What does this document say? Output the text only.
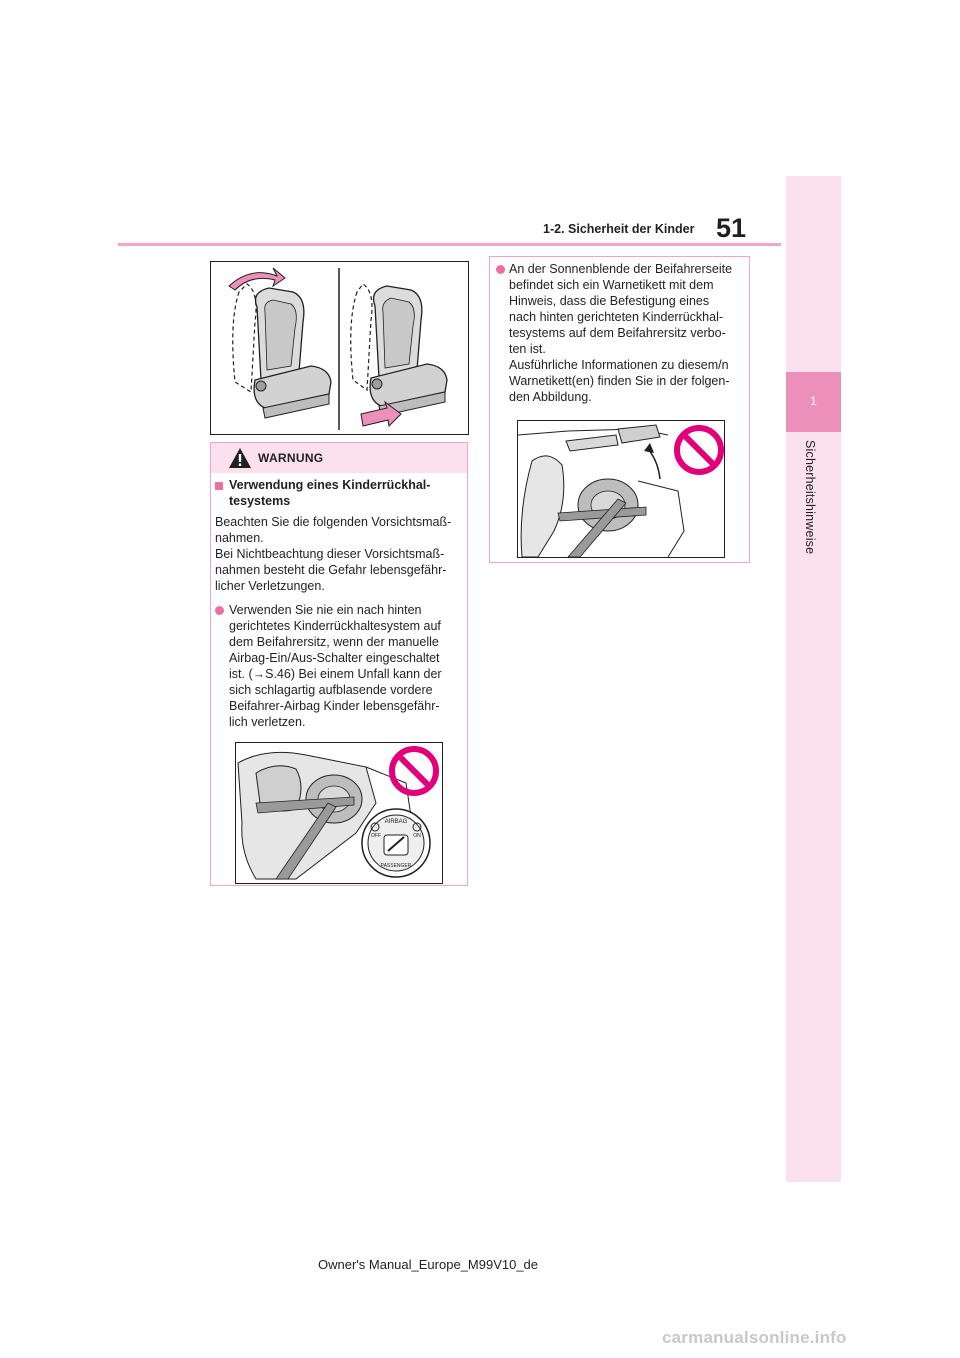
51
1-2. Sicherheit der Kinder
1
Sicherheitshinweise
WARNUNG
Verwendung eines Kinderrückhal-
tesystems
Beachten Sie die folgenden Vorsichtsmaß-
nahmen.
Bei Nichtbeachtung dieser Vorsichtsmaß-
nahmen besteht die Gefahr lebensgefähr-
licher Verletzungen.
Verwenden Sie nie ein nach hinten
gerichtetes Kinderrückhaltesystem auf
dem Beifahrersitz, wenn der manuelle
Airbag-Ein/Aus-Schalter eingeschaltet
ist. (→S.46) Bei einem Unfall kann der
sich schlagartig aufblasende vordere
Beifahrer-Airbag Kinder lebensgefähr-
lich verletzen.
AIRBAG
OFF	ON
PASSENGER
An der Sonnenblende der Beifahrerseite
befindet sich ein Warnetikett mit dem
Hinweis, dass die Befestigung eines
nach hinten gerichteten Kinderrückhal-
tesystems auf dem Beifahrersitz verbo-
ten ist.
Ausführliche Informationen zu diesem/n
Warnetikett(en) finden Sie in der folgen-
den Abbildung.
Owner's Manual_Europe_M99V10_de
carmanualsonline.info
